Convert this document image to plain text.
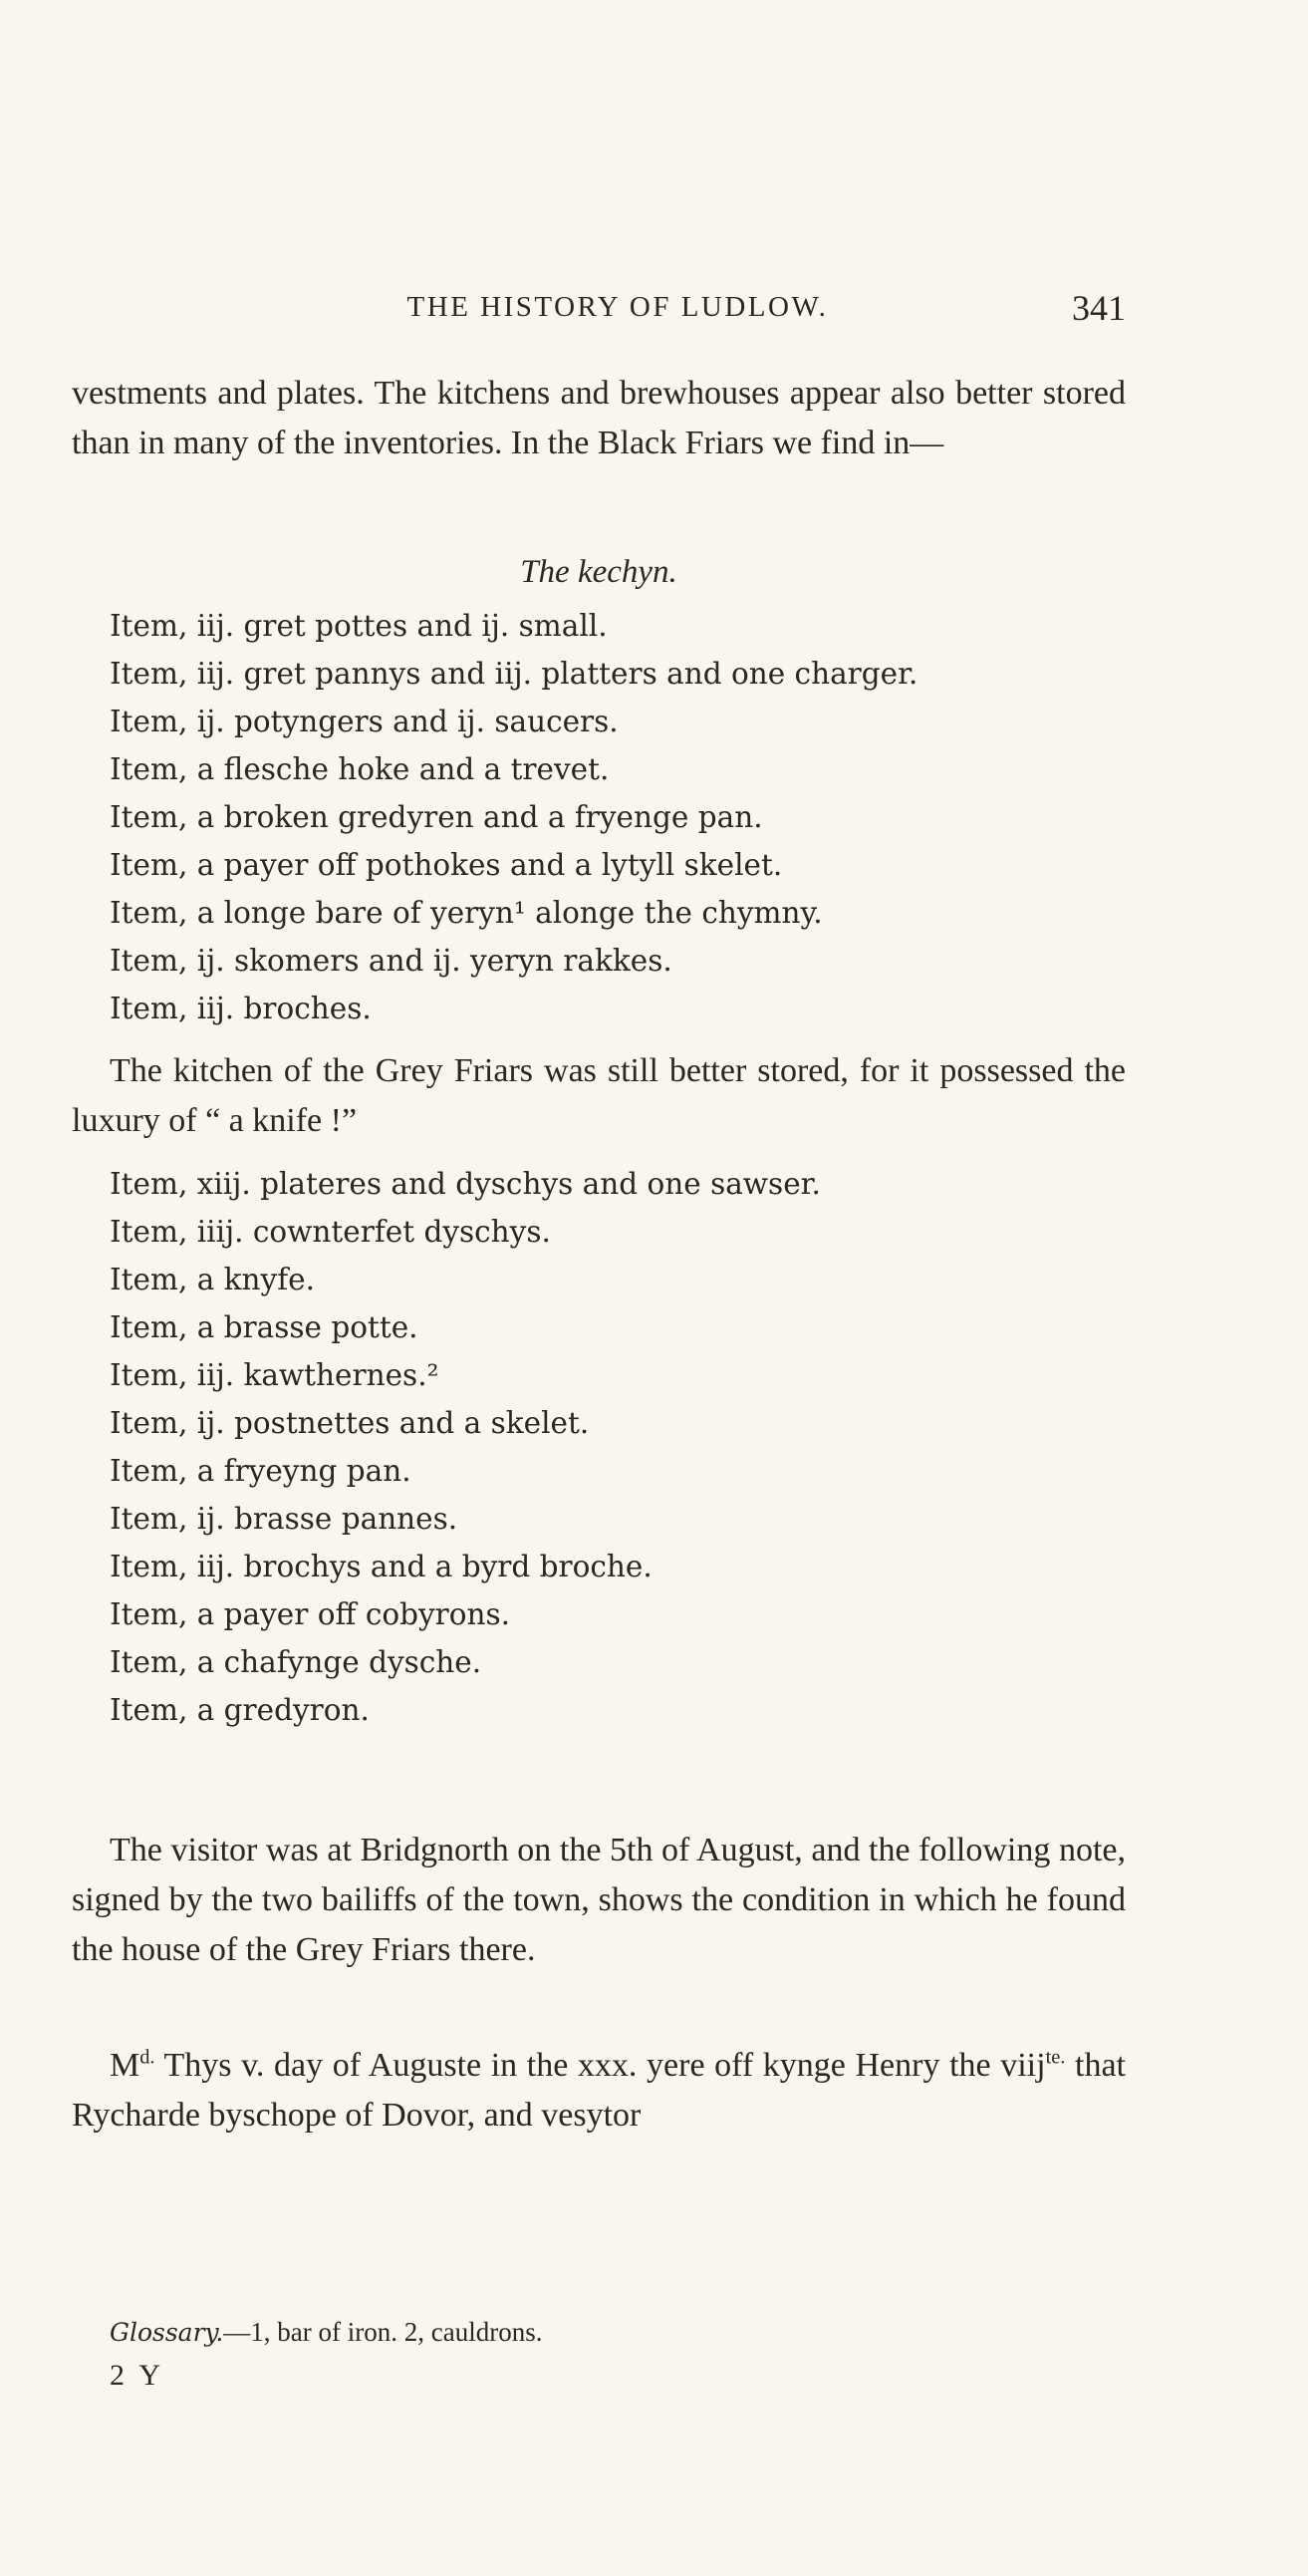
THE HISTORY OF LUDLOW.	341

vestments and plates. The kitchens and brewhouses appear also better stored than in many of the inventories. In the Black Friars we find in—

The kechyn.
Item, iij. gret pottes and ij. small.
Item, iij. gret pannys and iij. platters and one charger.
Item, ij. potyngers and ij. saucers.
Item, a flesche hoke and a trevet.
Item, a broken gredyren and a fryenge pan.
Item, a payer off pothokes and a lytyll skelet.
Item, a longe bare of yeryn¹ alonge the chymny.
Item, ij. skomers and ij. yeryn rakkes.
Item, iij. broches.

The kitchen of the Grey Friars was still better stored, for it possessed the luxury of “ a knife !”

Item, xiij. plateres and dyschys and one sawser.
Item, iiij. cownterfet dyschys.
Item, a knyfe.
Item, a brasse potte.
Item, iij. kawthernes.²
Item, ij. postnettes and a skelet.
Item, a fryeyng pan.
Item, ij. brasse pannes.
Item, iij. brochys and a byrd broche.
Item, a payer off cobyrons.
Item, a chafynge dysche.
Item, a gredyron.

The visitor was at Bridgnorth on the 5th of August, and the following note, signed by the two bailiffs of the town, shows the condition in which he found the house of the Grey Friars there.

$M^{d.}$ Thys v. day of Auguste in the xxx. yere off kynge Henry the viij$^{te.}$ that Rycharde byschope of Dovor, and vesytor

Glossary.—1, bar of iron. 2, cauldrons.
2 Y
